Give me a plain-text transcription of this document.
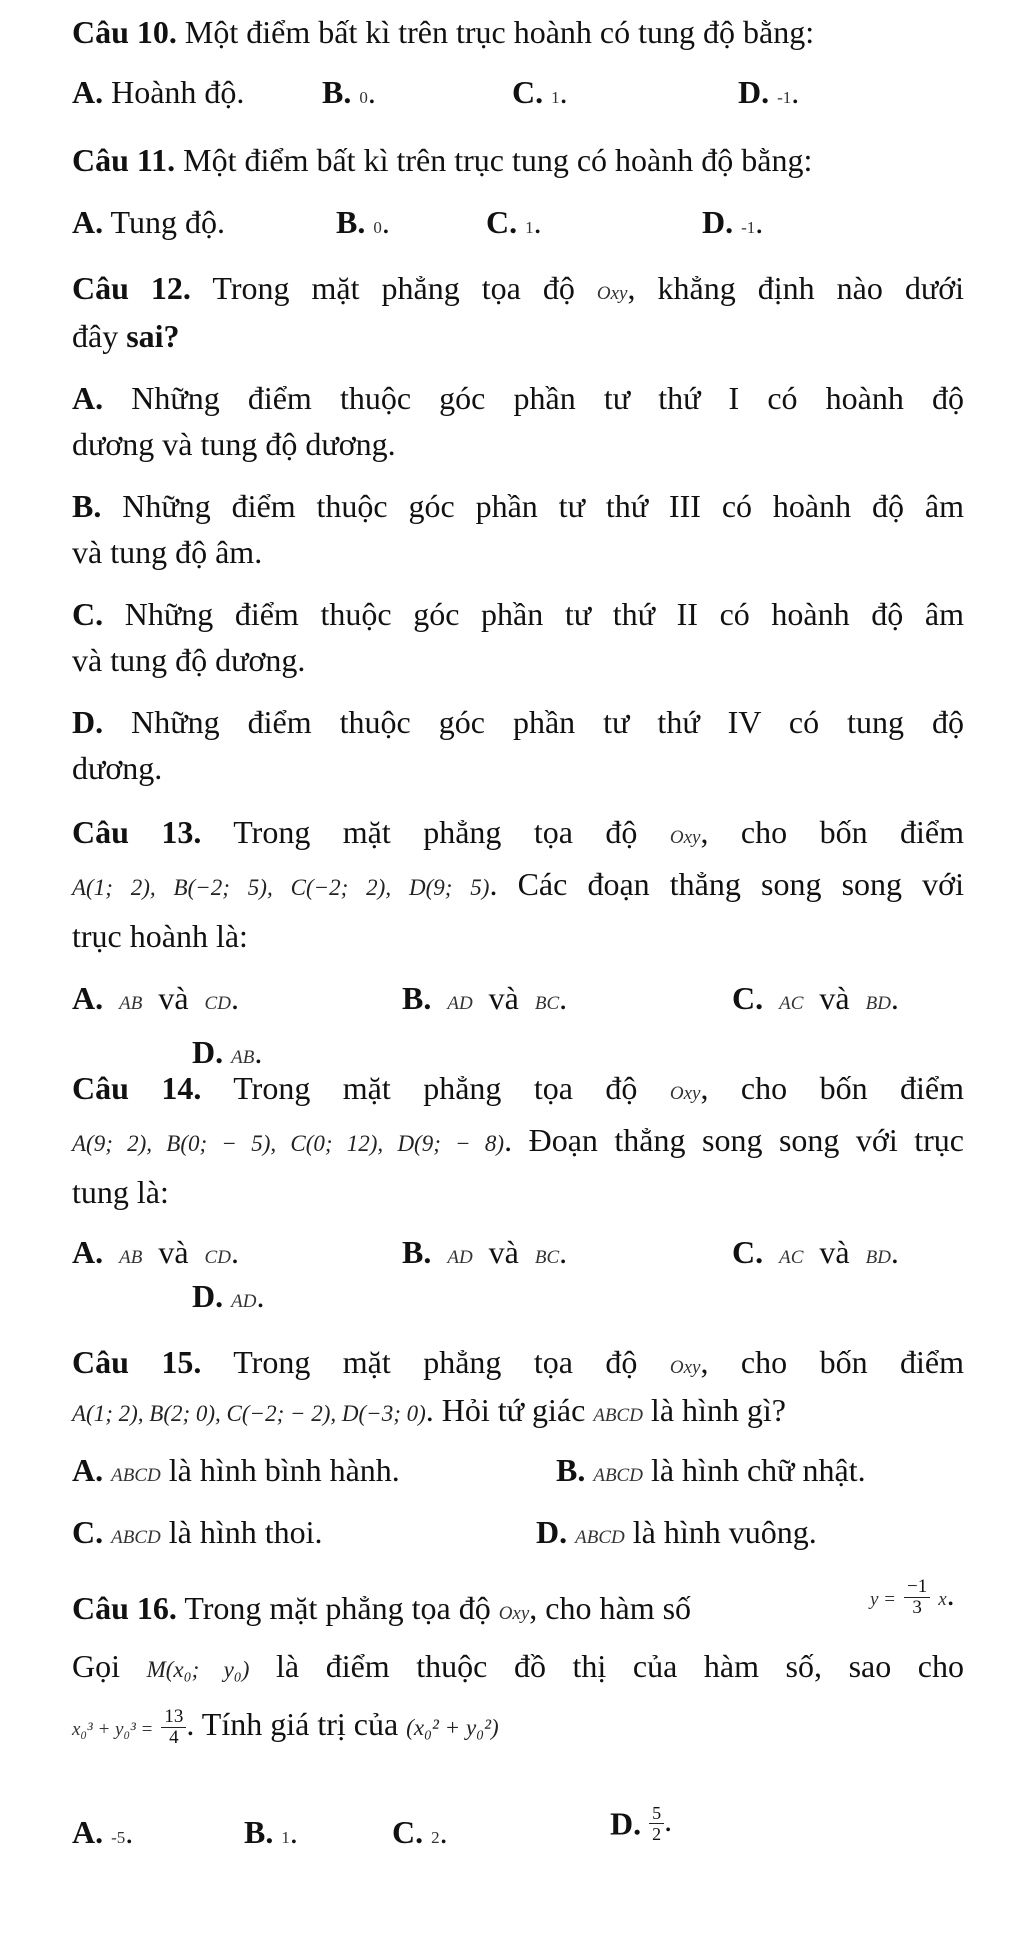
Câu 10. Một điểm bất kì trên trục hoành có tung độ bằng:
A. Hoành độ. B. 0.	C. 1.	D. -1.
Câu 11. Một điểm bất kì trên trục tung có hoành độ bằng:
A. Tung độ.	B. 0.	C. 1.	D. -1.
Câu 12. Trong mặt phẳng tọa độ Oxy, khẳng định nào dưới
đây sai?
A. Những điểm thuộc góc phần tư thứ I có hoành độ
dương và tung độ dương.
B. Những điểm thuộc góc phần tư thứ III có hoành độ âm
và tung độ âm.
C. Những điểm thuộc góc phần tư thứ II có hoành độ âm
và tung độ dương.
D. Những điểm thuộc góc phần tư thứ IV có tung độ
dương.
Câu 13. Trong mặt phẳng tọa độ Oxy, cho bốn điểm
A(1; 2), B(−2; 5), C(−2; 2), D(9; 5). Các đoạn thẳng song song với
trục hoành là:
A. AB và CD.	B. AD và BC.	C. AC và BD.
D. AB.
Câu 14. Trong mặt phẳng tọa độ Oxy, cho bốn điểm
A(9; 2), B(0; − 5), C(0; 12), D(9; − 8). Đoạn thẳng song song với trục
tung là:
A. AB và CD.	B. AD và BC.	C. AC và BD.
D. AD.
Câu 15. Trong mặt phẳng tọa độ Oxy, cho bốn điểm
A(1; 2), B(2; 0), C(−2; − 2), D(−3; 0). Hỏi tứ giác ABCD là hình gì?
A. ABCD là hình bình hành.	B. ABCD là hình chữ nhật.
C. ABCD là hình thoi.	D. ABCD là hình vuông.
Câu 16. Trong mặt phẳng tọa độ Oxy, cho hàm số	$y = \frac{-1}{3} x$.
Gọi M(x₀; y₀) là điểm thuộc đồ thị của hàm số, sao cho
$x_0^3 + y_0^3 = \frac{13}{4}$ . Tính giá trị của (x₀² + y₀²)
A. -5.	B. 1.	C. 2.	D. $\frac{5}{2}$ .
